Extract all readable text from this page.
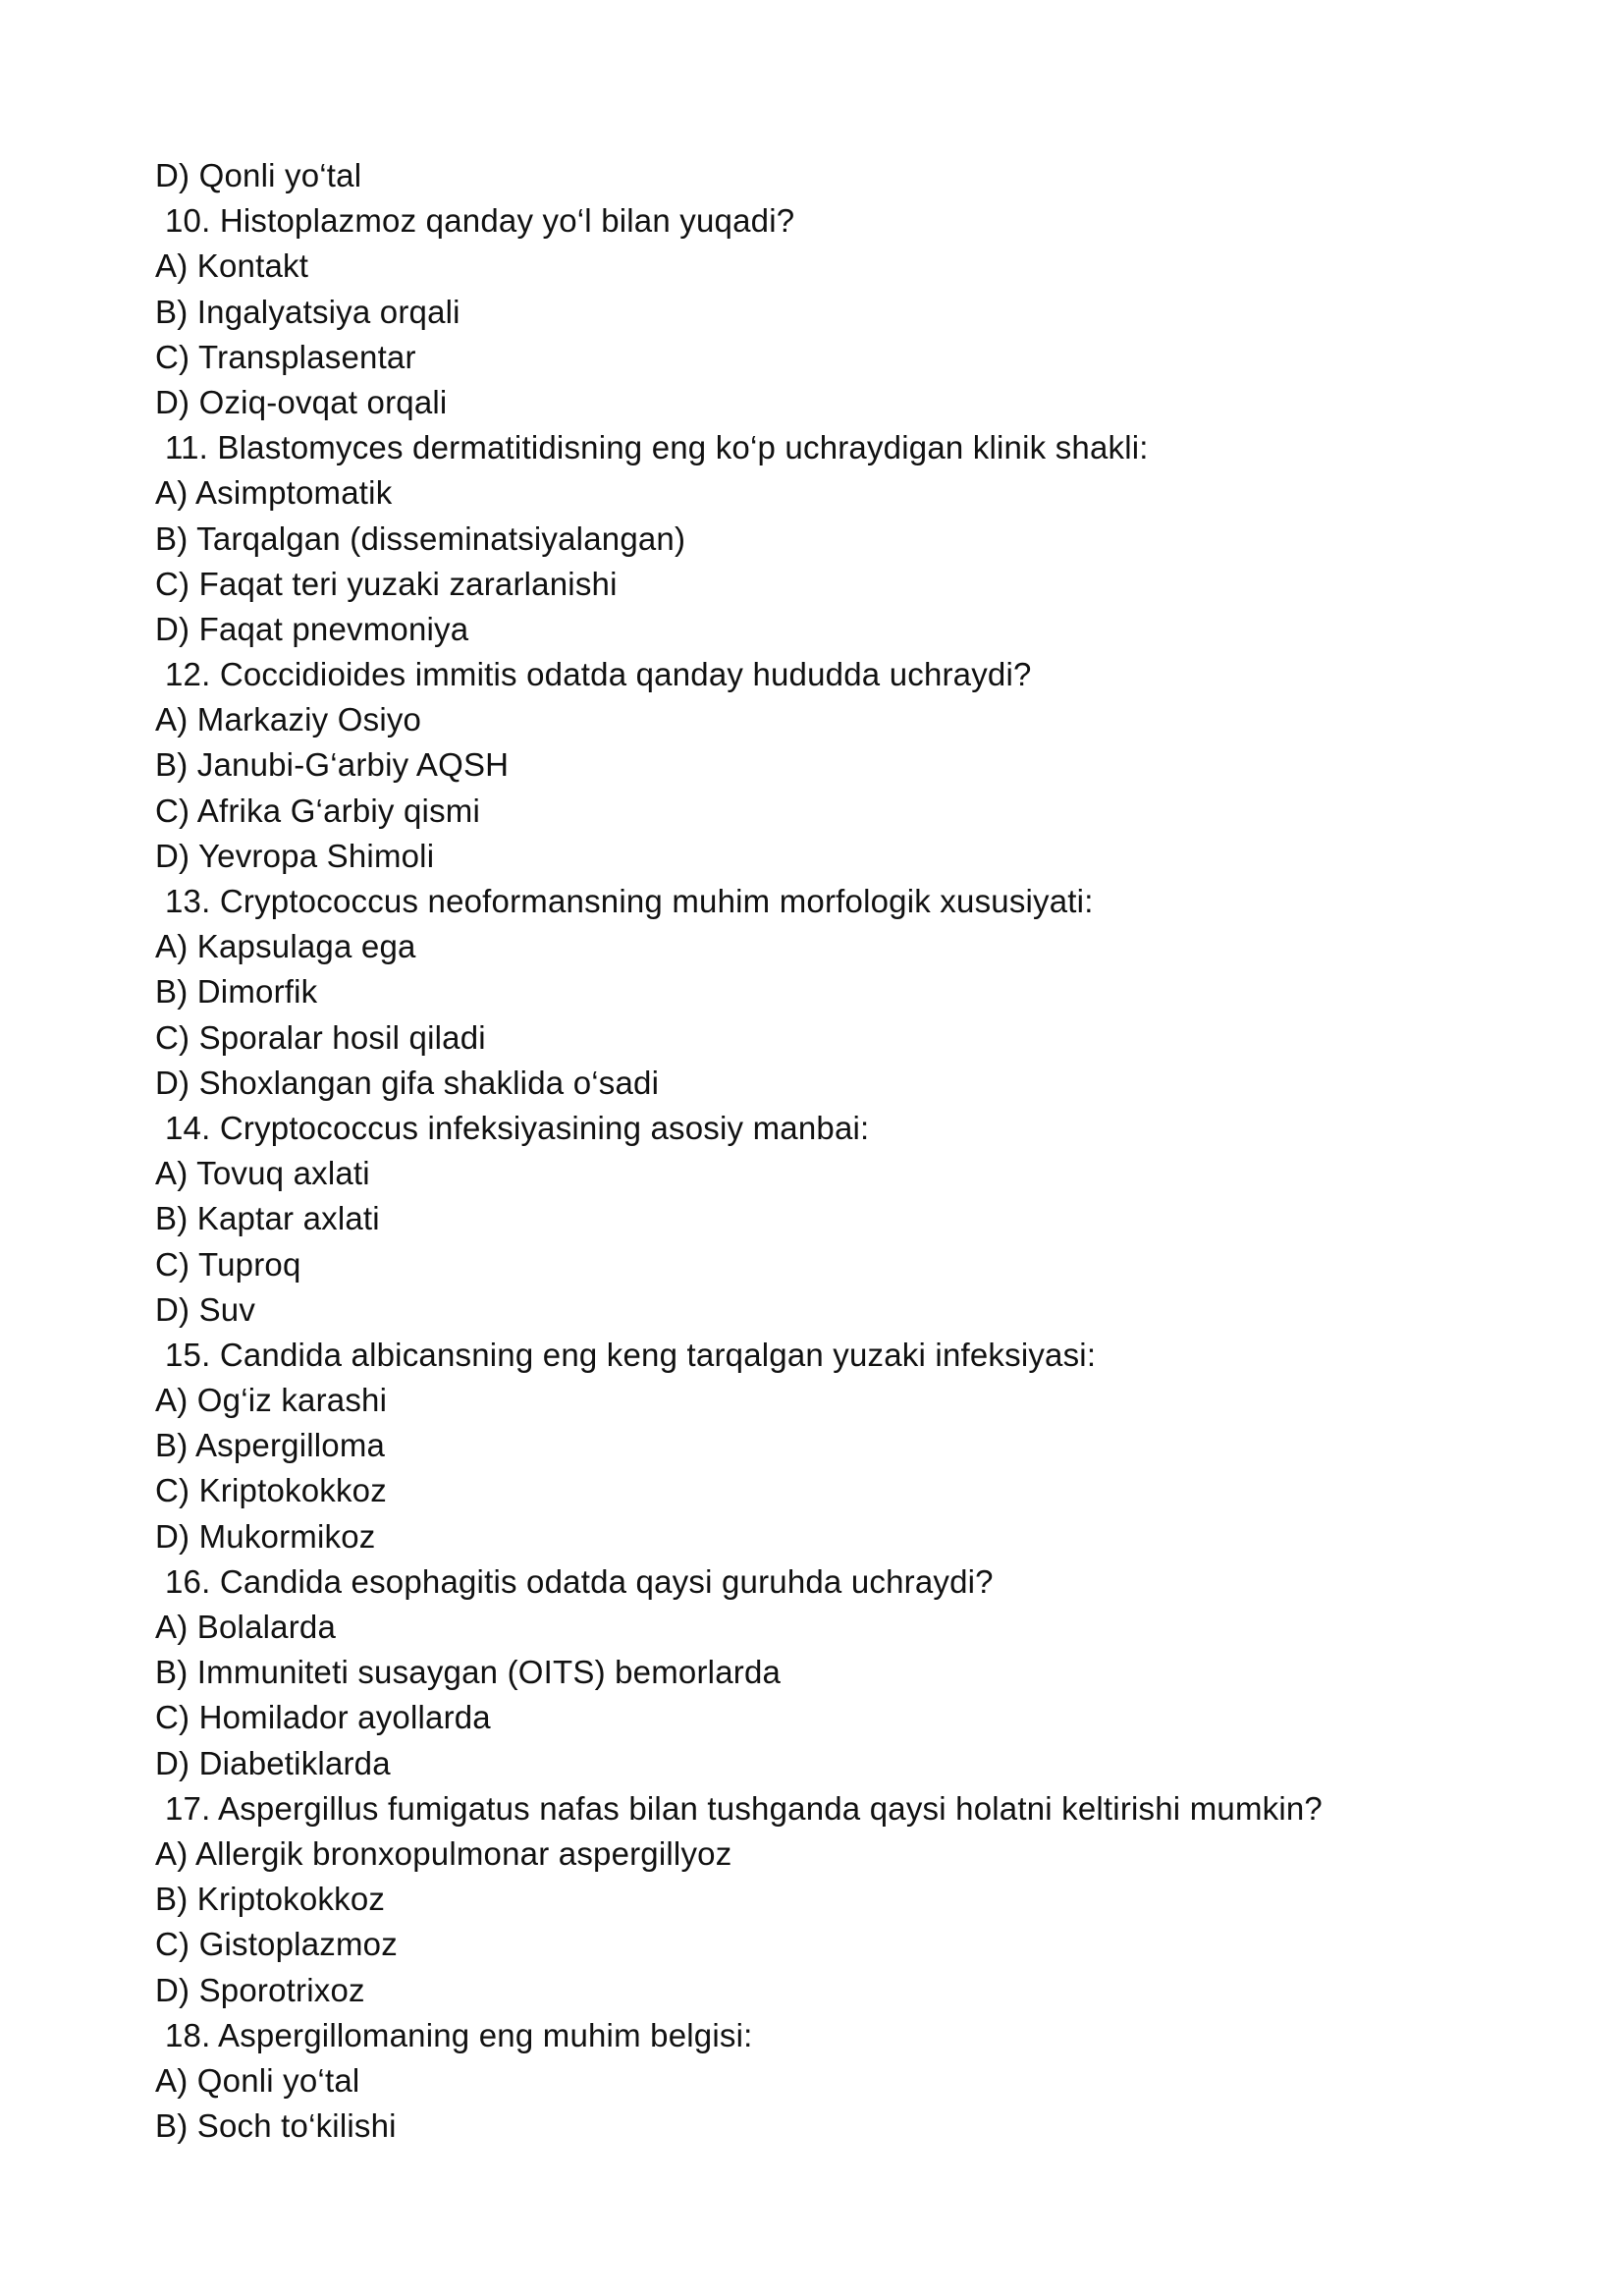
D) Qonli yo‘tal
10. Histoplazmoz qanday yo‘l bilan yuqadi?
A) Kontakt
B) Ingalyatsiya orqali
C) Transplasentar
D) Oziq-ovqat orqali
11. Blastomyces dermatitidisning eng ko‘p uchraydigan klinik shakli:
A) Asimptomatik
B) Tarqalgan (disseminatsiyalangan)
C) Faqat teri yuzaki zararlanishi
D) Faqat pnevmoniya
12. Coccidioides immitis odatda qanday hududda uchraydi?
A) Markaziy Osiyo
B) Janubi-G‘arbiy AQSH
C) Afrika G‘arbiy qismi
D) Yevropa Shimoli
13. Cryptococcus neoformansning muhim morfologik xususiyati:
A) Kapsulaga ega
B) Dimorfik
C) Sporalar hosil qiladi
D) Shoxlangan gifa shaklida o‘sadi
14. Cryptococcus infeksiyasining asosiy manbai:
A) Tovuq axlati
B) Kaptar axlati
C) Tuproq
D) Suv
15. Candida albicansning eng keng tarqalgan yuzaki infeksiyasi:
A) Og‘iz karashi
B) Aspergilloma
C) Kriptokokkoz
D) Mukormikoz
16. Candida esophagitis odatda qaysi guruhda uchraydi?
A) Bolalarda
B) Immuniteti susaygan (OITS) bemorlarda
C) Homilador ayollarda
D) Diabetiklarda
17. Aspergillus fumigatus nafas bilan tushganda qaysi holatni keltirishi mumkin?
A) Allergik bronxopulmonar aspergillyoz
B) Kriptokokkoz
C) Gistoplazmoz
D) Sporotrixoz
18. Aspergillomaning eng muhim belgisi:
A) Qonli yo‘tal
B) Soch to‘kilishi
